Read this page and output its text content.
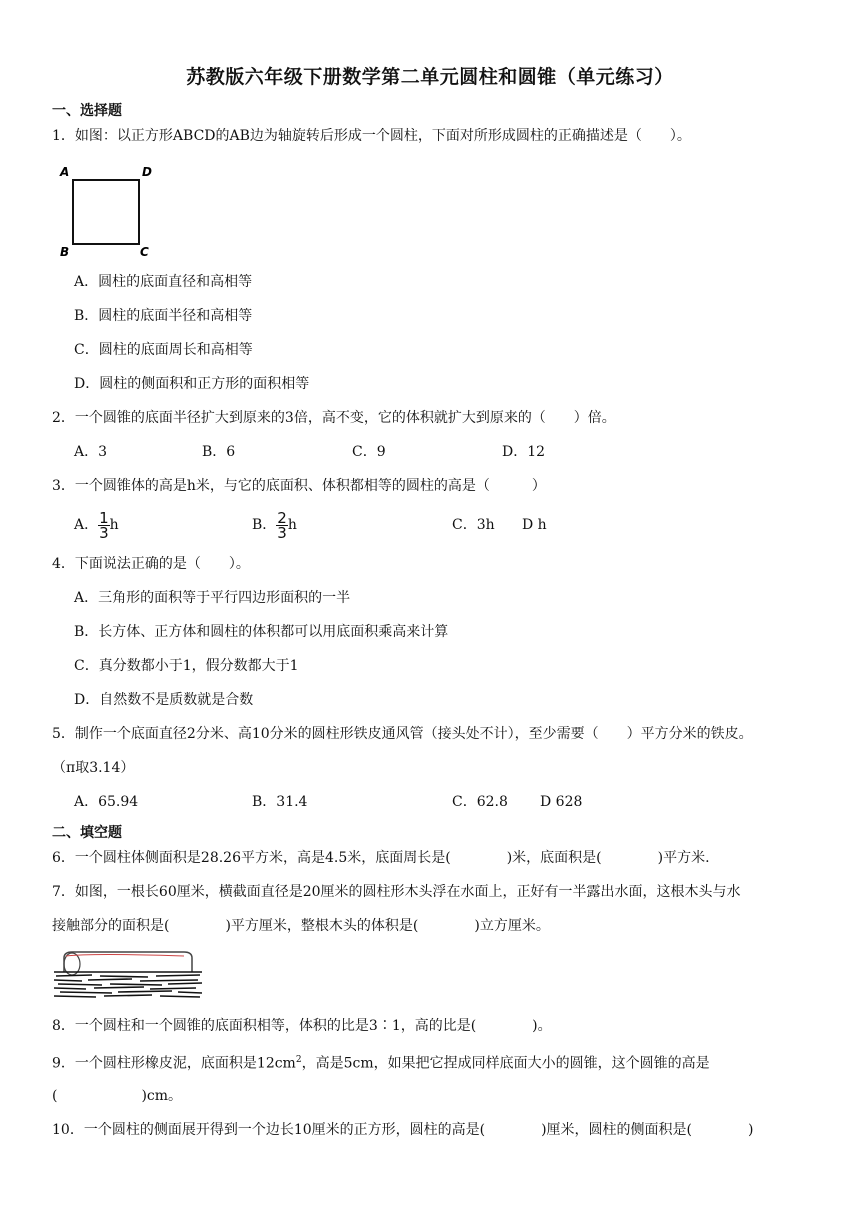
苏教版六年级下册数学第二单元圆柱和圆锥（单元练习）
一、选择题
1．如图：以正方形ABCD的AB边为轴旋转后形成一个圆柱，下面对所形成圆柱的正确描述是（　　）。
A	D
B	C
A．圆柱的底面直径和高相等
B．圆柱的底面半径和高相等
C．圆柱的底面周长和高相等
D．圆柱的侧面积和正方形的面积相等
2．一个圆锥的底面半径扩大到原来的3倍，高不变，它的体积就扩大到原来的（　　）倍。
A．3	B．6	C．9	D．12
3．一个圆锥体的高是h米，与它的底面积、体积都相等的圆柱的高是（　　　）
A． $\frac{1}{3}$ h	B． $\frac{2}{3}$ h	C．3h D h
4．下面说法正确的是（　　）。
A．三角形的面积等于平行四边形面积的一半
B．长方体、正方体和圆柱的体积都可以用底面积乘高来计算
C．真分数都小于1，假分数都大于1
D．自然数不是质数就是合数
5．制作一个底面直径2分米、高10分米的圆柱形铁皮通风管（接头处不计），至少需要（　　）平方分米的铁皮。
（π取3.14）
A．65.94	B．31.4	C．62.8 D 628
二、填空题
6．一个圆柱体侧面积是28.26平方米，高是4.5米，底面周长是(　　　　)米，底面积是(　　　　)平方米.
7．如图，一根长60厘米，横截面直径是20厘米的圆柱形木头浮在水面上，正好有一半露出水面，这根木头与水
接触部分的面积是(　　　　)平方厘米，整根木头的体积是(　　　　)立方厘米。
8．一个圆柱和一个圆锥的底面积相等，体积的比是3∶1，高的比是(　　　　)。
9．一个圆柱形橡皮泥，底面积是$12cm^2$，高是5cm，如果把它捏成同样底面大小的圆锥，这个圆锥的高是
(　　　　　　)cm。
10．一个圆柱的侧面展开得到一个边长10厘米的正方形，圆柱的高是(　　　　)厘米，圆柱的侧面积是(　　　　)
